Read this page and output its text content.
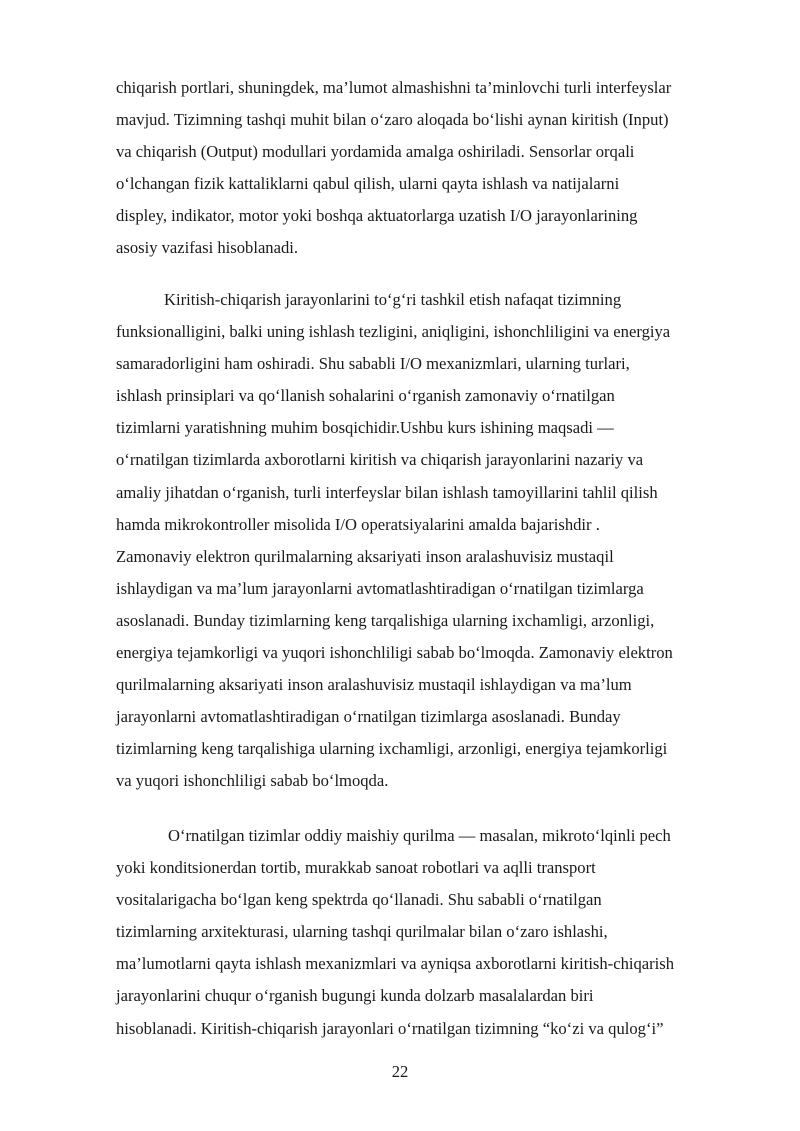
chiqarish portlari, shuningdek, ma’lumot almashishni ta’minlovchi turli interfeyslar
mavjud. Tizimning tashqi muhit bilan o‘zaro aloqada bo‘lishi aynan kiritish (Input)
va chiqarish (Output) modullari yordamida amalga oshiriladi. Sensorlar orqali
o‘lchangan fizik kattaliklarni qabul qilish, ularni qayta ishlash va natijalarni
displey, indikator, motor yoki boshqa aktuatorlarga uzatish I/O jarayonlarining
asosiy vazifasi hisoblanadi.

Kiritish-chiqarish jarayonlarini to‘g‘ri tashkil etish nafaqat tizimning
funksionalligini, balki uning ishlash tezligini, aniqligini, ishonchliligini va energiya
samaradorligini ham oshiradi. Shu sababli I/O mexanizmlari, ularning turlari,
ishlash prinsiplari va qo‘llanish sohalarini o‘rganish zamonaviy o‘rnatilgan
tizimlarni yaratishning muhim bosqichidir.Ushbu kurs ishining maqsadi —
o‘rnatilgan tizimlarda axborotlarni kiritish va chiqarish jarayonlarini nazariy va
amaliy jihatdan o‘rganish, turli interfeyslar bilan ishlash tamoyillarini tahlil qilish
hamda mikrokontroller misolida I/O operatsiyalarini amalda bajarishdir .
Zamonaviy elektron qurilmalarning aksariyati inson aralashuvisiz mustaqil
ishlaydigan va ma’lum jarayonlarni avtomatlashtiradigan o‘rnatilgan tizimlarga
asoslanadi. Bunday tizimlarning keng tarqalishiga ularning ixchamligi, arzonligi,
energiya tejamkorligi va yuqori ishonchliligi sabab bo‘lmoqda. Zamonaviy elektron
qurilmalarning aksariyati inson aralashuvisiz mustaqil ishlaydigan va ma’lum
jarayonlarni avtomatlashtiradigan o‘rnatilgan tizimlarga asoslanadi. Bunday
tizimlarning keng tarqalishiga ularning ixchamligi, arzonligi, energiya tejamkorligi
va yuqori ishonchliligi sabab bo‘lmoqda.

O‘rnatilgan tizimlar oddiy maishiy qurilma — masalan, mikroto‘lqinli pech
yoki konditsionerdan tortib, murakkab sanoat robotlari va aqlli transport
vositalarigacha bo‘lgan keng spektrda qo‘llanadi. Shu sababli o‘rnatilgan
tizimlarning arxitekturasi, ularning tashqi qurilmalar bilan o‘zaro ishlashi,
ma’lumotlarni qayta ishlash mexanizmlari va ayniqsa axborotlarni kiritish-chiqarish
jarayonlarini chuqur o‘rganish bugungi kunda dolzarb masalalardan biri
hisoblanadi. Kiritish-chiqarish jarayonlari o‘rnatilgan tizimning “ko‘zi va qulog‘i”

22
